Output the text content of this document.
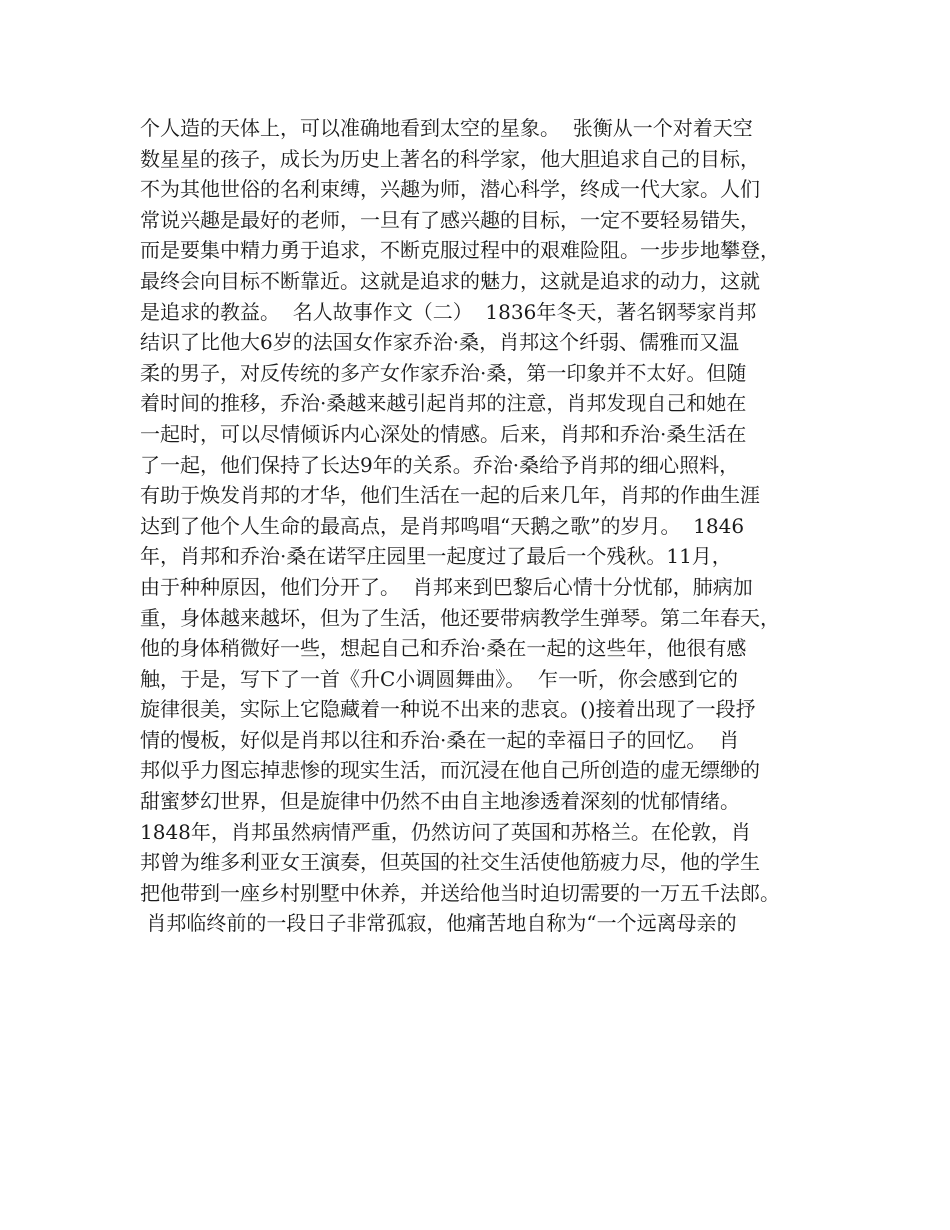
个人造的天体上，可以准确地看到太空的星象。  张衡从一个对着天空
数星星的孩子，成长为历史上著名的科学家，他大胆追求自己的目标，
不为其他世俗的名利束缚，兴趣为师，潜心科学，终成一代大家。人们
常说兴趣是最好的老师，一旦有了感兴趣的目标，一定不要轻易错失，
而是要集中精力勇于追求，不断克服过程中的艰难险阻。一步步地攀登，
最终会向目标不断靠近。这就是追求的魅力，这就是追求的动力，这就
是追求的教益。  名人故事作文（二）  1836年冬天，著名钢琴家肖邦
结识了比他大6岁的法国女作家乔治·桑，肖邦这个纤弱、儒雅而又温
柔的男子，对反传统的多产女作家乔治·桑，第一印象并不太好。但随
着时间的推移，乔治·桑越来越引起肖邦的注意，肖邦发现自己和她在
一起时，可以尽情倾诉内心深处的情感。后来，肖邦和乔治·桑生活在
了一起，他们保持了长达9年的关系。乔治·桑给予肖邦的细心照料，
有助于焕发肖邦的才华，他们生活在一起的后来几年，肖邦的作曲生涯
达到了他个人生命的最高点，是肖邦鸣唱“天鹅之歌”的岁月。  1846
年，肖邦和乔治·桑在诺罕庄园里一起度过了最后一个残秋。11月，
由于种种原因，他们分开了。  肖邦来到巴黎后心情十分忧郁，肺病加
重，身体越来越坏，但为了生活，他还要带病教学生弹琴。第二年春天，
他的身体稍微好一些，想起自己和乔治·桑在一起的这些年，他很有感
触，于是，写下了一首《升C小调圆舞曲》。  乍一听，你会感到它的
旋律很美，实际上它隐藏着一种说不出来的悲哀。()接着出现了一段抒
情的慢板，好似是肖邦以往和乔治·桑在一起的幸福日子的回忆。  肖
邦似乎力图忘掉悲惨的现实生活，而沉浸在他自己所创造的虚无缥缈的
甜蜜梦幻世界，但是旋律中仍然不由自主地渗透着深刻的忧郁情绪。
1848年，肖邦虽然病情严重，仍然访问了英国和苏格兰。在伦敦，肖
邦曾为维多利亚女王演奏，但英国的社交生活使他筋疲力尽，他的学生
把他带到一座乡村别墅中休养，并送给他当时迫切需要的一万五千法郎。
肖邦临终前的一段日子非常孤寂，他痛苦地自称为“一个远离母亲的
